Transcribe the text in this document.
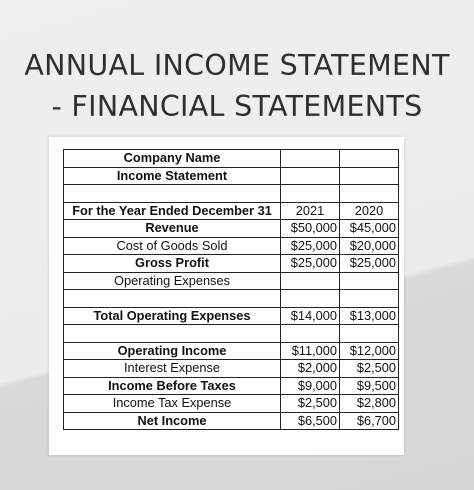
ANNUAL INCOME STATEMENT
- FINANCIAL STATEMENTS
Company Name		
Income Statement		

For the Year Ended December 31	2021	2020
Revenue	$50,000	$45,000
Cost of Goods Sold	$25,000	$20,000
Gross Profit	$25,000	$25,000
Operating Expenses		

Total Operating Expenses	$14,000	$13,000

Operating Income	$11,000	$12,000
Interest Expense	$2,000	$2,500
Income Before Taxes	$9,000	$9,500
Income Tax Expense	$2,500	$2,800
Net Income	$6,500	$6,700
